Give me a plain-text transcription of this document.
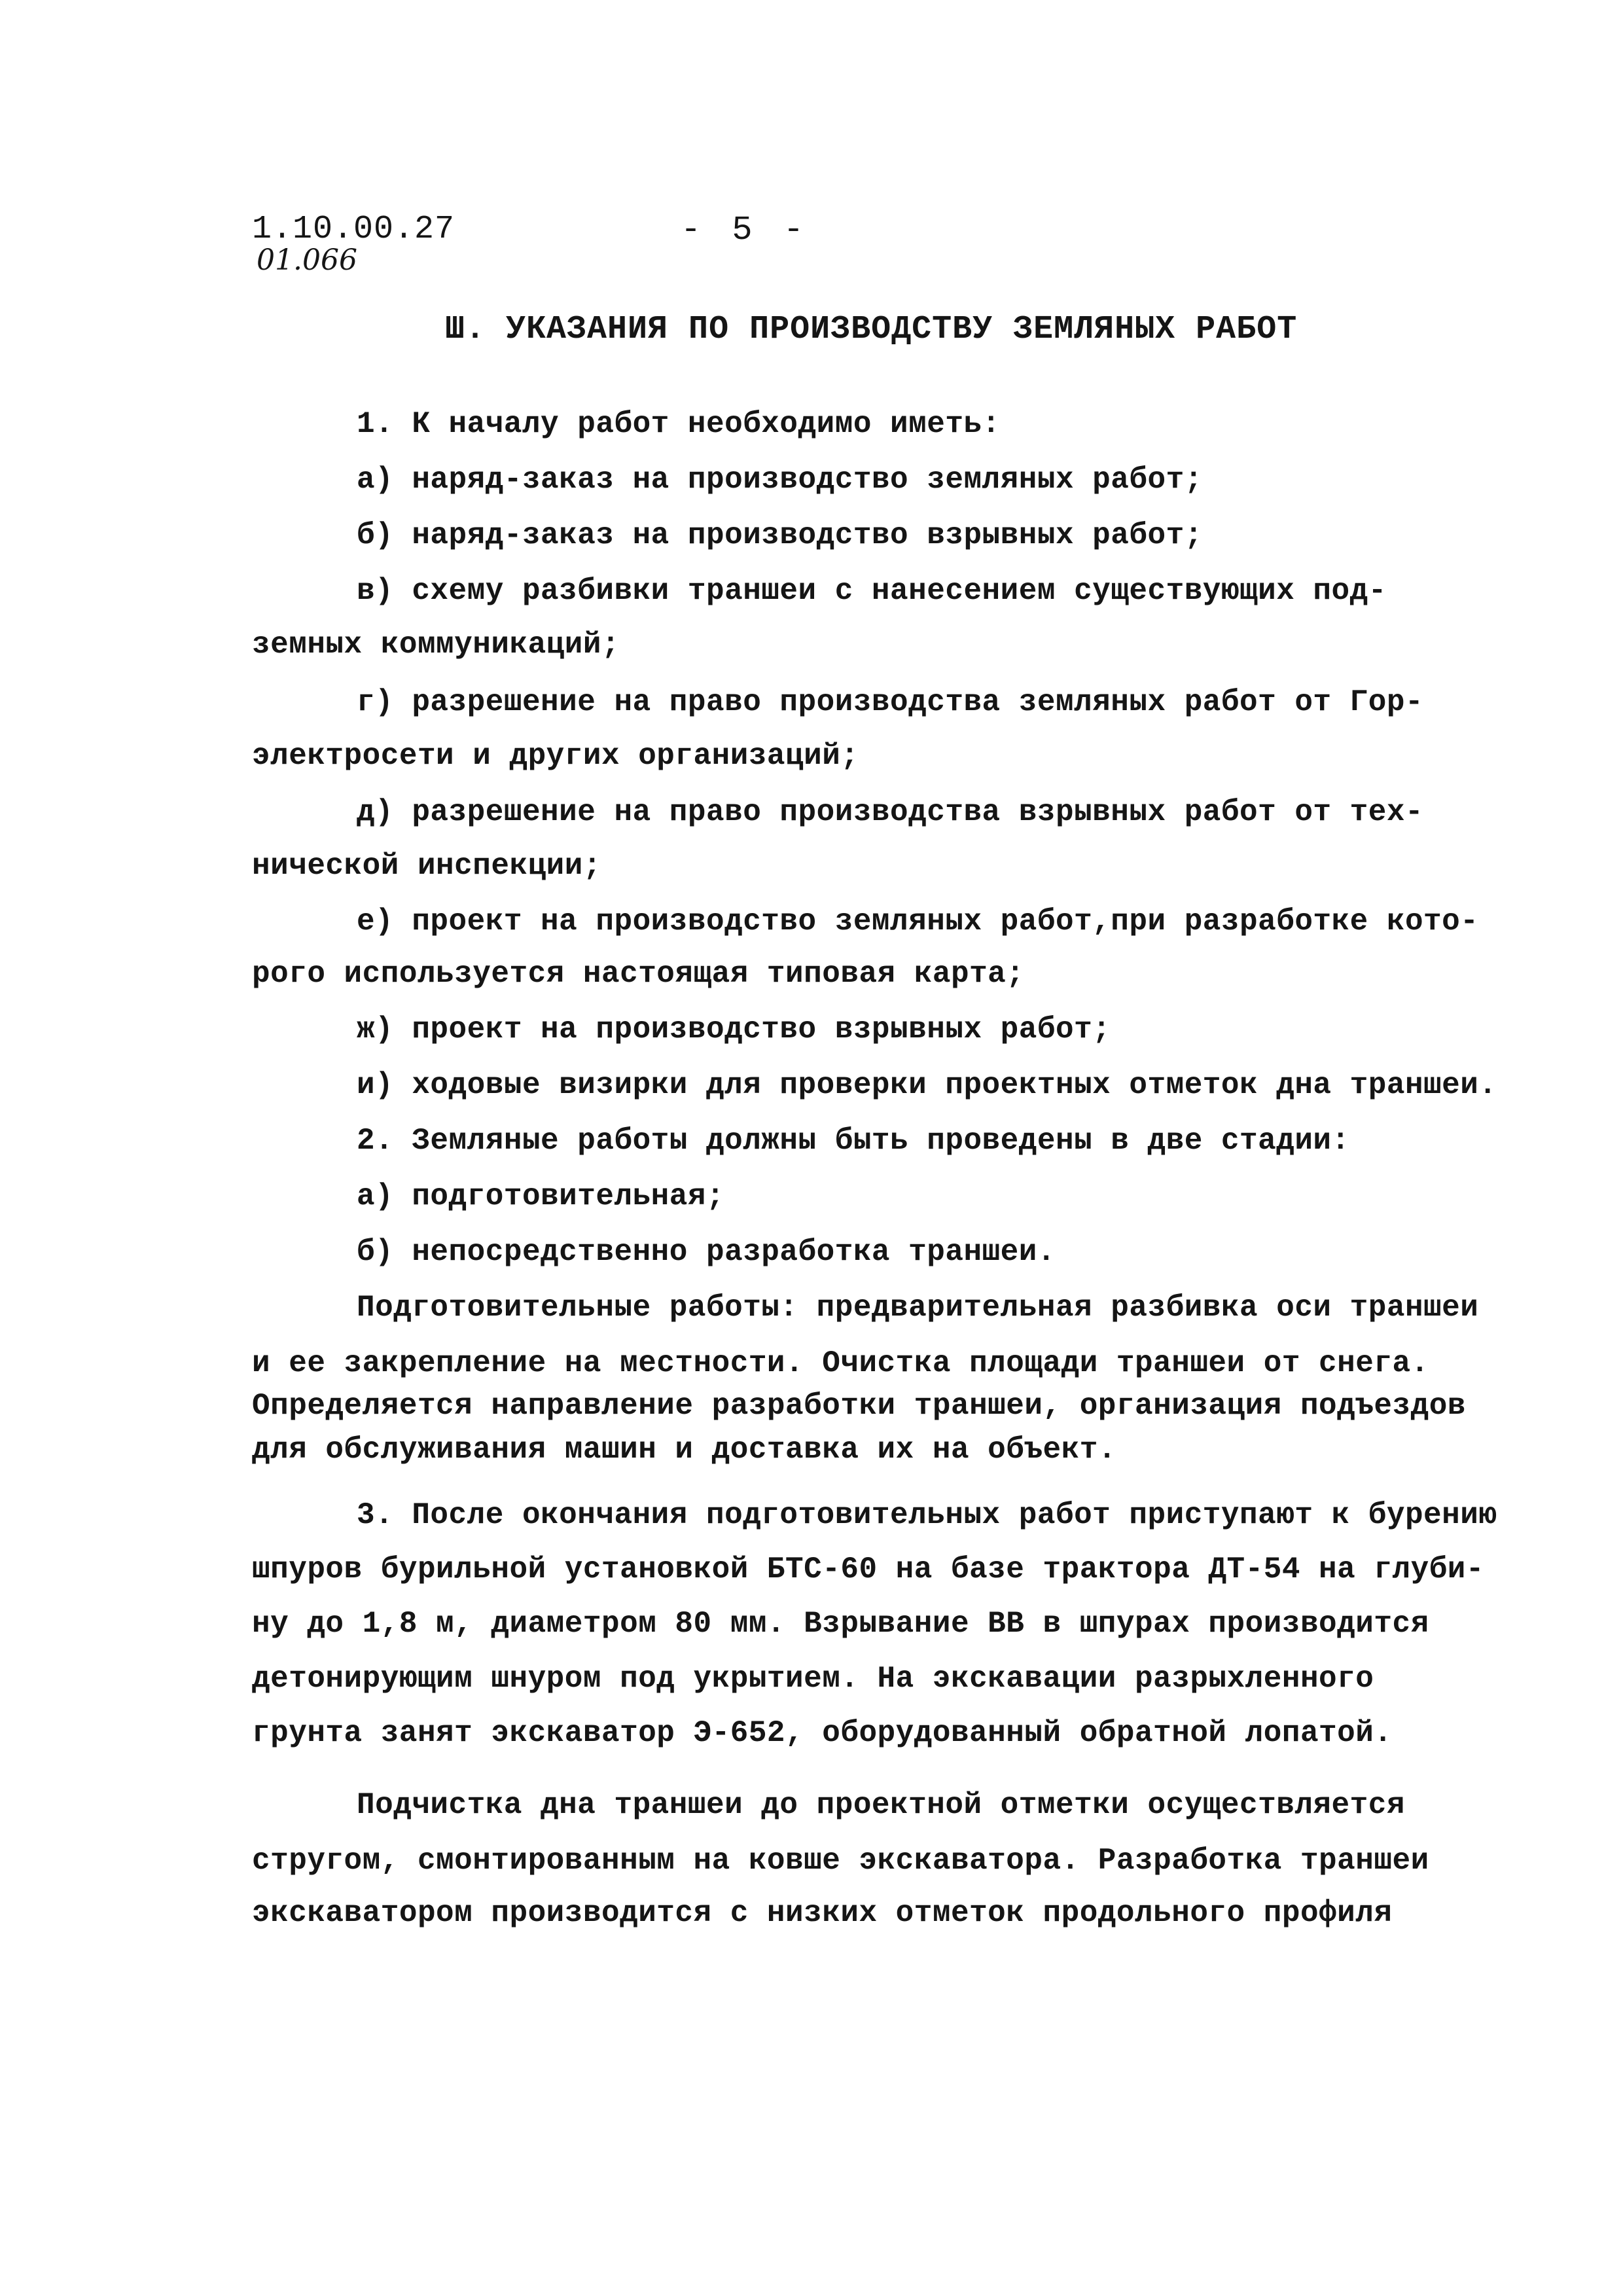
1.10.00.27
01.066
- 5 -
Ш. УКАЗАНИЯ ПО ПРОИЗВОДСТВУ ЗЕМЛЯНЫХ РАБОТ
1. К началу работ необходимо иметь:
а) наряд-заказ на производство земляных работ;
б) наряд-заказ на производство взрывных работ;
в) схему разбивки траншеи с нанесением существующих под-
земных коммуникаций;
г) разрешение на право производства земляных работ от Гор-
электросети и других организаций;
д) разрешение на право производства взрывных работ от тех-
нической инспекции;
е) проект на производство земляных работ,при разработке кото-
рого используется настоящая типовая карта;
ж) проект на производство взрывных работ;
и) ходовые визирки для проверки проектных отметок дна траншеи.
2. Земляные работы должны быть проведены в две стадии:
а) подготовительная;
б) непосредственно разработка траншеи.
Подготовительные работы: предварительная разбивка оси траншеи
и ее закрепление на местности. Очистка площади траншеи от снега.
Определяется направление разработки траншеи, организация подъездов
для обслуживания машин и доставка их на объект.
3. После окончания подготовительных работ приступают к бурению
шпуров бурильной установкой БТС-60 на базе трактора ДТ-54 на глуби-
ну до 1,8 м, диаметром 80 мм. Взрывание ВВ в шпурах производится
детонирующим шнуром под укрытием. На экскавации разрыхленного
грунта занят экскаватор Э-652, оборудованный обратной лопатой.
Подчистка дна траншеи до проектной отметки осуществляется
стругом, смонтированным на ковше экскаватора. Разработка траншеи
экскаватором производится с низких отметок продольного профиля
